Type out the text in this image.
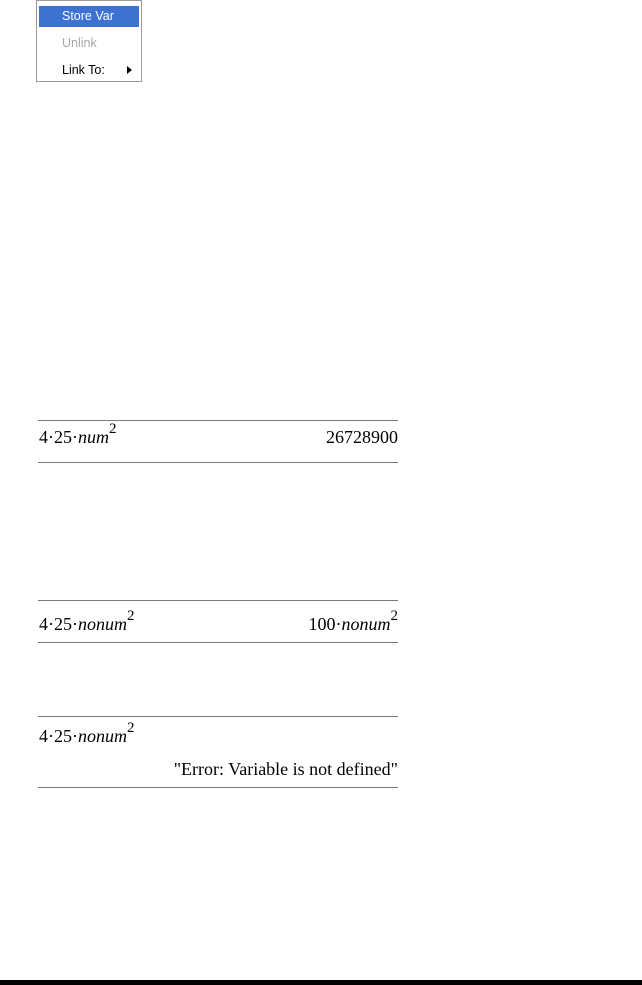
Store Var
Unlink
Link To:
4·25·num$^2$	26728900
4·25·nonum$^2$	100·nonum$^2$
4·25·nonum$^2$
"Error: Variable is not defined"
